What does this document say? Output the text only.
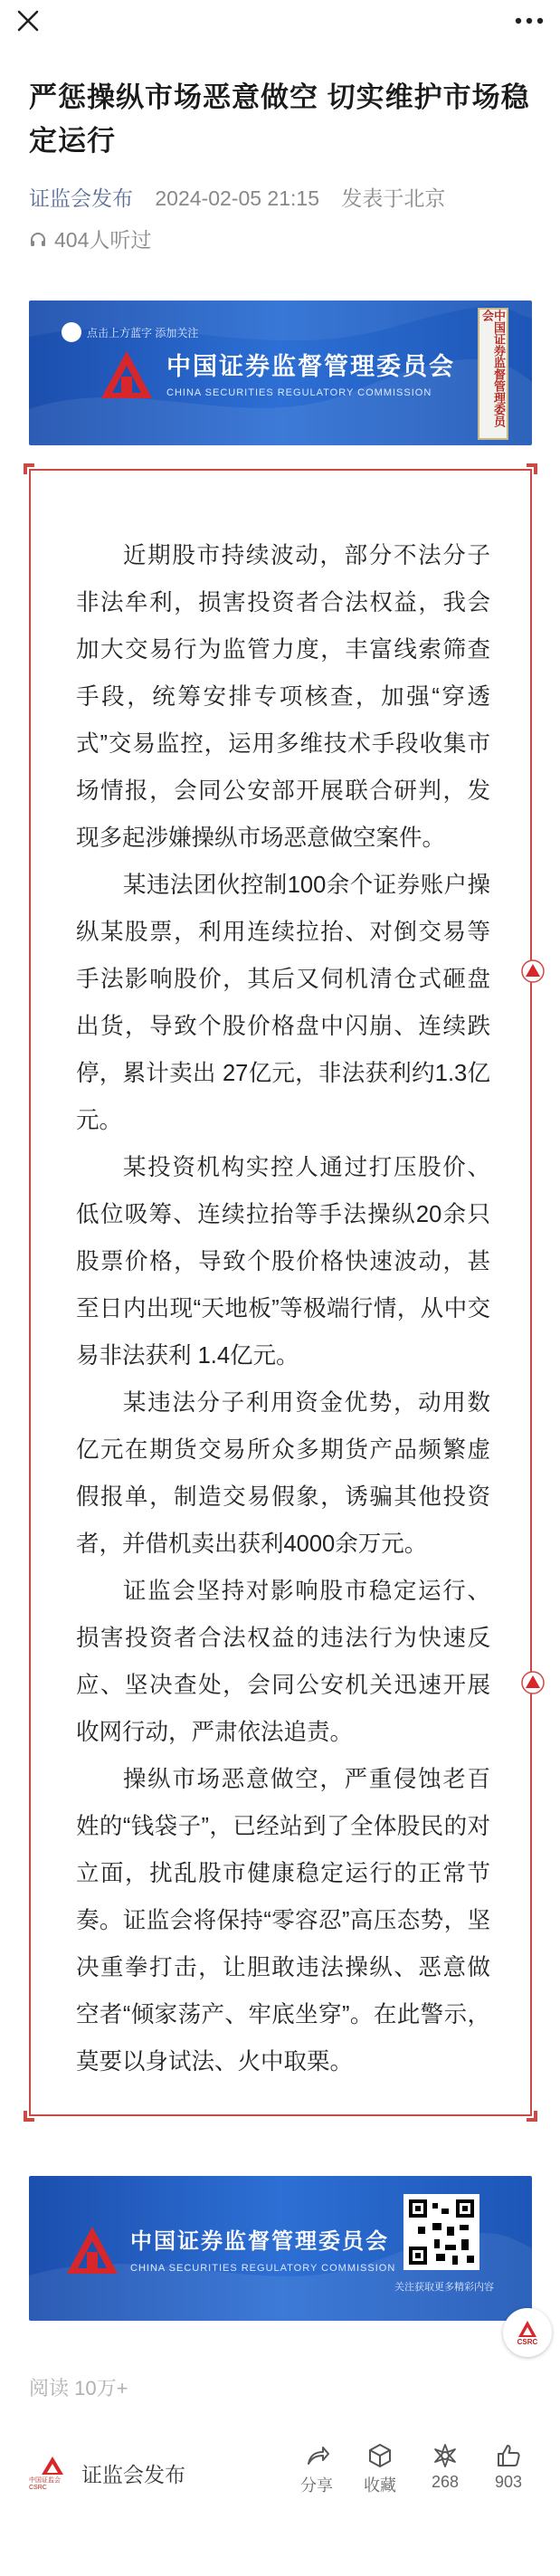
严惩操纵市场恶意做空 切实维护市场稳定运行
证监会发布 2024-02-05 21:15 发表于北京
404人听过
点击上方蓝字 添加关注
中国证券监督管理委员会
CHINA SECURITIES REGULATORY COMMISSION	中国证券监督管理委员会

近期股市持续波动，部分不法分子非法牟利，损害投资者合法权益，我会加大交易行为监管力度，丰富线索筛查手段，统筹安排专项核查，加强“穿透式”交易监控，运用多维技术手段收集市场情报，会同公安部开展联合研判，发现多起涉嫌操纵市场恶意做空案件。

某违法团伙控制100余个证券账户操纵某股票，利用连续拉抬、对倒交易等手法影响股价，其后又伺机清仓式砸盘出货，导致个股价格盘中闪崩、连续跌停，累计卖出 27亿元，非法获利约1.3亿元。

某投资机构实控人通过打压股价、低位吸筹、连续拉抬等手法操纵20余只股票价格，导致个股价格快速波动，甚至日内出现“天地板”等极端行情，从中交易非法获利 1.4亿元。

某违法分子利用资金优势，动用数亿元在期货交易所众多期货产品频繁虚假报单，制造交易假象，诱骗其他投资者，并借机卖出获利4000余万元。

证监会坚持对影响股市稳定运行、损害投资者合法权益的违法行为快速反应、坚决查处，会同公安机关迅速开展收网行动，严肃依法追责。

操纵市场恶意做空，严重侵蚀老百姓的“钱袋子”，已经站到了全体股民的对立面，扰乱股市健康稳定运行的正常节奏。证监会将保持“零容忍”高压态势，坚决重拳打击，让胆敢违法操纵、恶意做空者“倾家荡产、牢底坐穿”。在此警示，莫要以身试法、火中取栗。

中国证券监督管理委员会
CHINA SECURITIES REGULATORY COMMISSION
关注获取更多精彩内容
CSRC
阅读 10万+
中国证监会 CSRC
证监会发布	分享 收藏 268 903
